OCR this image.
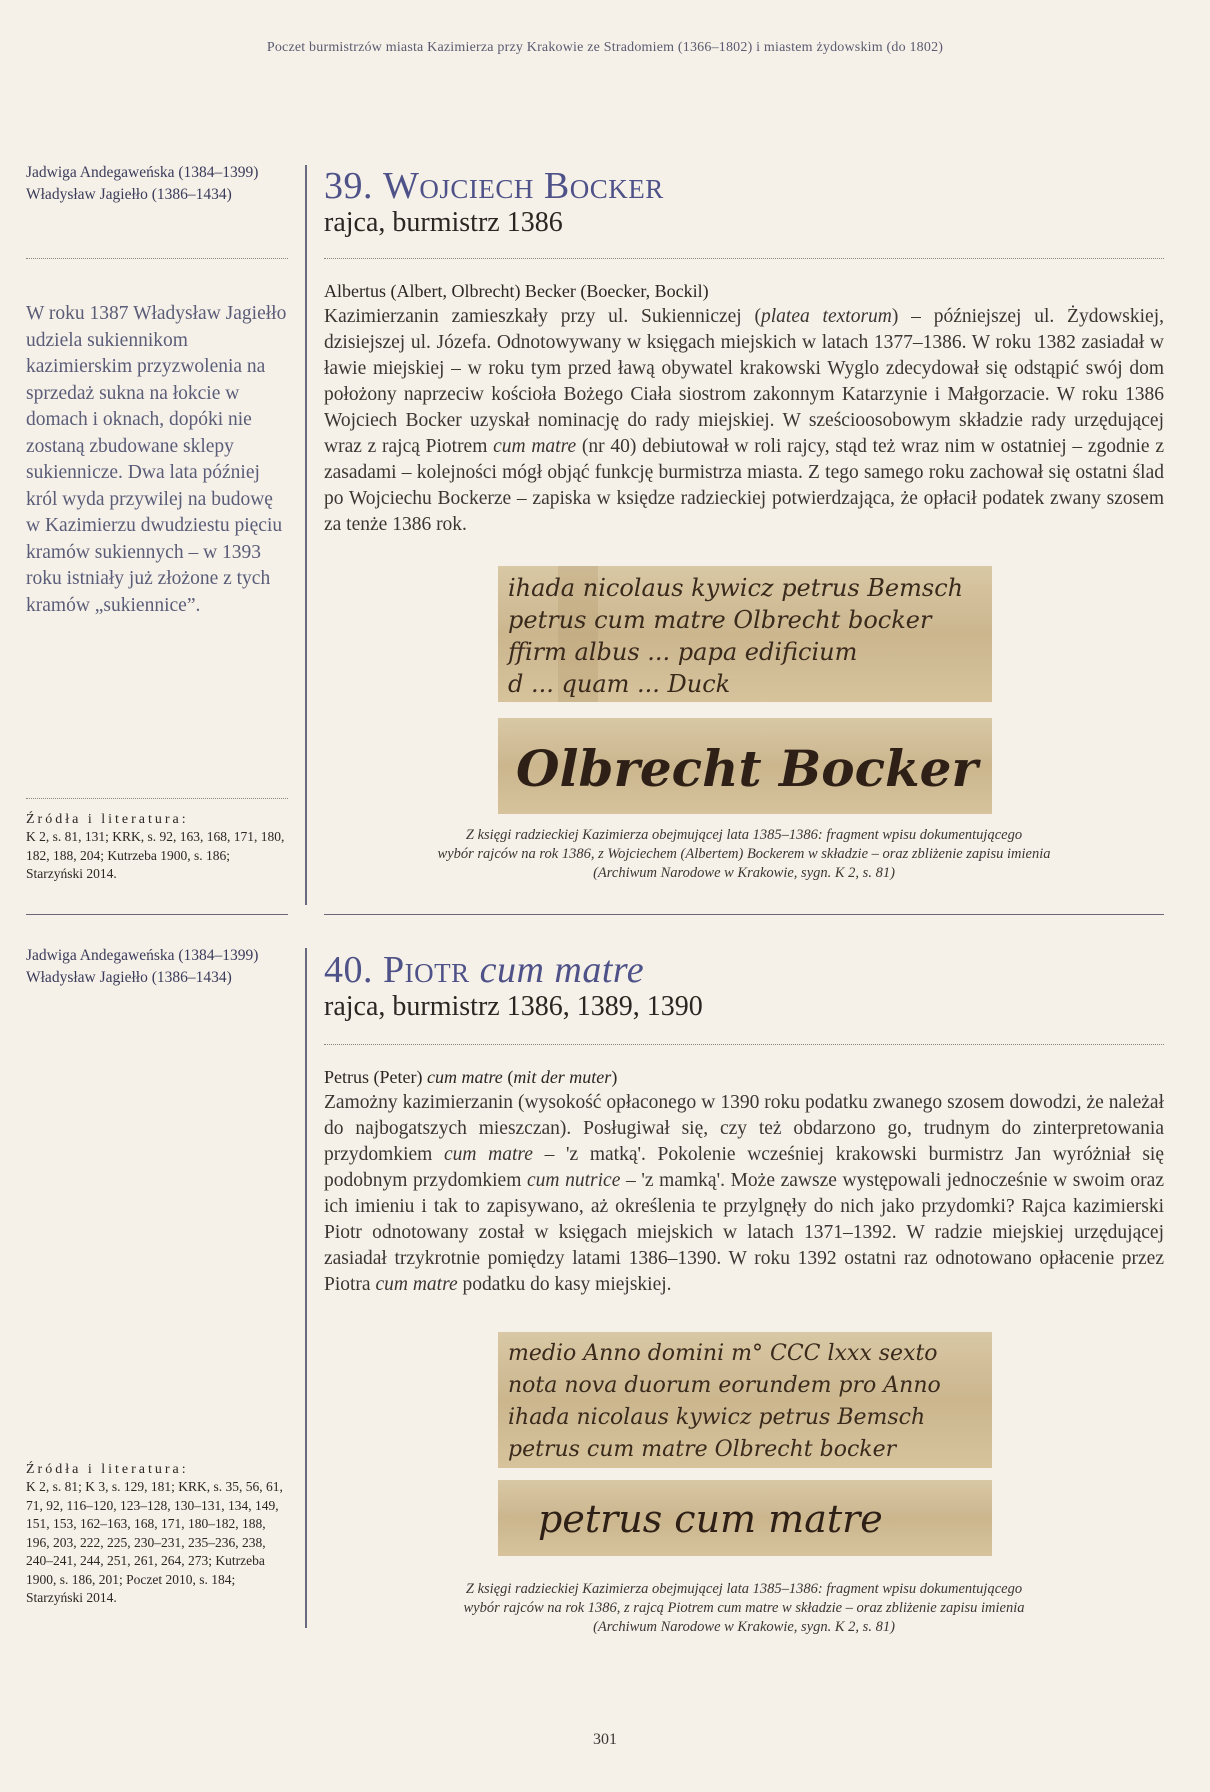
Poczet burmistrzów miasta Kazimierza przy Krakowie ze Stradomiem (1366–1802) i miastem żydowskim (do 1802)
Jadwiga Andegaweńska (1384–1399)
Władysław Jagiełło (1386–1434)
W roku 1387 Władysław Jagiełło udziela sukiennikom kazimierskim przyzwolenia na sprzedaż sukna na łokcie w domach i oknach, dopóki nie zostaną zbudowane sklepy sukiennicze. Dwa lata później król wyda przywilej na budowę w Kazimierzu dwudziestu pięciu kramów sukiennych – w 1393 roku istniały już złożone z tych kramów „sukiennice”.
Źródła i literatura:
K 2, s. 81, 131; KRK, s. 92, 163, 168, 171, 180, 182, 188, 204; Kutrzeba 1900, s. 186; Starzyński 2014.
Jadwiga Andegaweńska (1384–1399)
Władysław Jagiełło (1386–1434)
Źródła i literatura:
K 2, s. 81; K 3, s. 129, 181; KRK, s. 35, 56, 61, 71, 92, 116–120, 123–128, 130–131, 134, 149, 151, 153, 162–163, 168, 171, 180–182, 188, 196, 203, 222, 225, 230–231, 235–236, 238, 240–241, 244, 251, 261, 264, 273; Kutrzeba 1900, s. 186, 201; Poczet 2010, s. 184; Starzyński 2014.
39. Wojciech Bocker
rajca, burmistrz 1386
Albertus (Albert, Olbrecht) Becker (Boecker, Bockil)
Kazimierzanin zamieszkały przy ul. Sukienniczej (platea textorum) – późniejszej ul. Żydowskiej, dzisiejszej ul. Józefa. Odnotowywany w księgach miejskich w latach 1377–1386. W roku 1382 zasiadał w ławie miejskiej – w roku tym przed ławą obywatel krakowski Wyglo zdecydował się odstąpić swój dom położony naprzeciw kościoła Bożego Ciała siostrom zakonnym Katarzynie i Małgorzacie. W roku 1386 Wojciech Bocker uzyskał nominację do rady miejskiej. W sześcioosobowym składzie rady urzędującej wraz z rajcą Piotrem cum matre (nr 40) debiutował w roli rajcy, stąd też wraz nim w ostatniej – zgodnie z zasadami – kolejności mógł objąć funkcję burmistrza miasta. Z tego samego roku zachował się ostatni ślad po Wojciechu Bockerze – zapiska w księdze radzieckiej potwierdzająca, że opłacił podatek zwany szosem za tenże 1386 rok.
ihada nicolaus kywicz petrus Bemsch
petrus cum matre Olbrecht bocker
ffirm albus ... papa edificium
d ... quam ... Duck
Olbrecht Bocker
Z księgi radzieckiej Kazimierza obejmującej lata 1385–1386: fragment wpisu dokumentującego
wybór rajców na rok 1386, z Wojciechem (Albertem) Bockerem w składzie – oraz zbliżenie zapisu imienia
(Archiwum Narodowe w Krakowie, sygn. K 2, s. 81)
40. Piotr cum matre
rajca, burmistrz 1386, 1389, 1390
Petrus (Peter) cum matre (mit der muter)
Zamożny kazimierzanin (wysokość opłaconego w 1390 roku podatku zwanego szosem dowodzi, że należał do najbogatszych mieszczan). Posługiwał się, czy też obdarzono go, trudnym do zinterpretowania przydomkiem cum matre – 'z matką'. Pokolenie wcześniej krakowski burmistrz Jan wyróżniał się podobnym przydomkiem cum nutrice – 'z mamką'. Może zawsze występowali jednocześnie w swoim oraz ich imieniu i tak to zapisywano, aż określenia te przylgnęły do nich jako przydomki? Rajca kazimierski Piotr odnotowany został w księgach miejskich w latach 1371–1392. W radzie miejskiej urzędującej zasiadał trzykrotnie pomiędzy latami 1386–1390. W roku 1392 ostatni raz odnotowano opłacenie przez Piotra cum matre podatku do kasy miejskiej.
medio Anno domini m° CCC lxxx sexto
nota nova duorum eorundem pro Anno
ihada nicolaus kywicz petrus Bemsch
petrus cum matre Olbrecht bocker
petrus cum matre
Z księgi radzieckiej Kazimierza obejmującej lata 1385–1386: fragment wpisu dokumentującego
wybór rajców na rok 1386, z rajcą Piotrem cum matre w składzie – oraz zbliżenie zapisu imienia
(Archiwum Narodowe w Krakowie, sygn. K 2, s. 81)
301
